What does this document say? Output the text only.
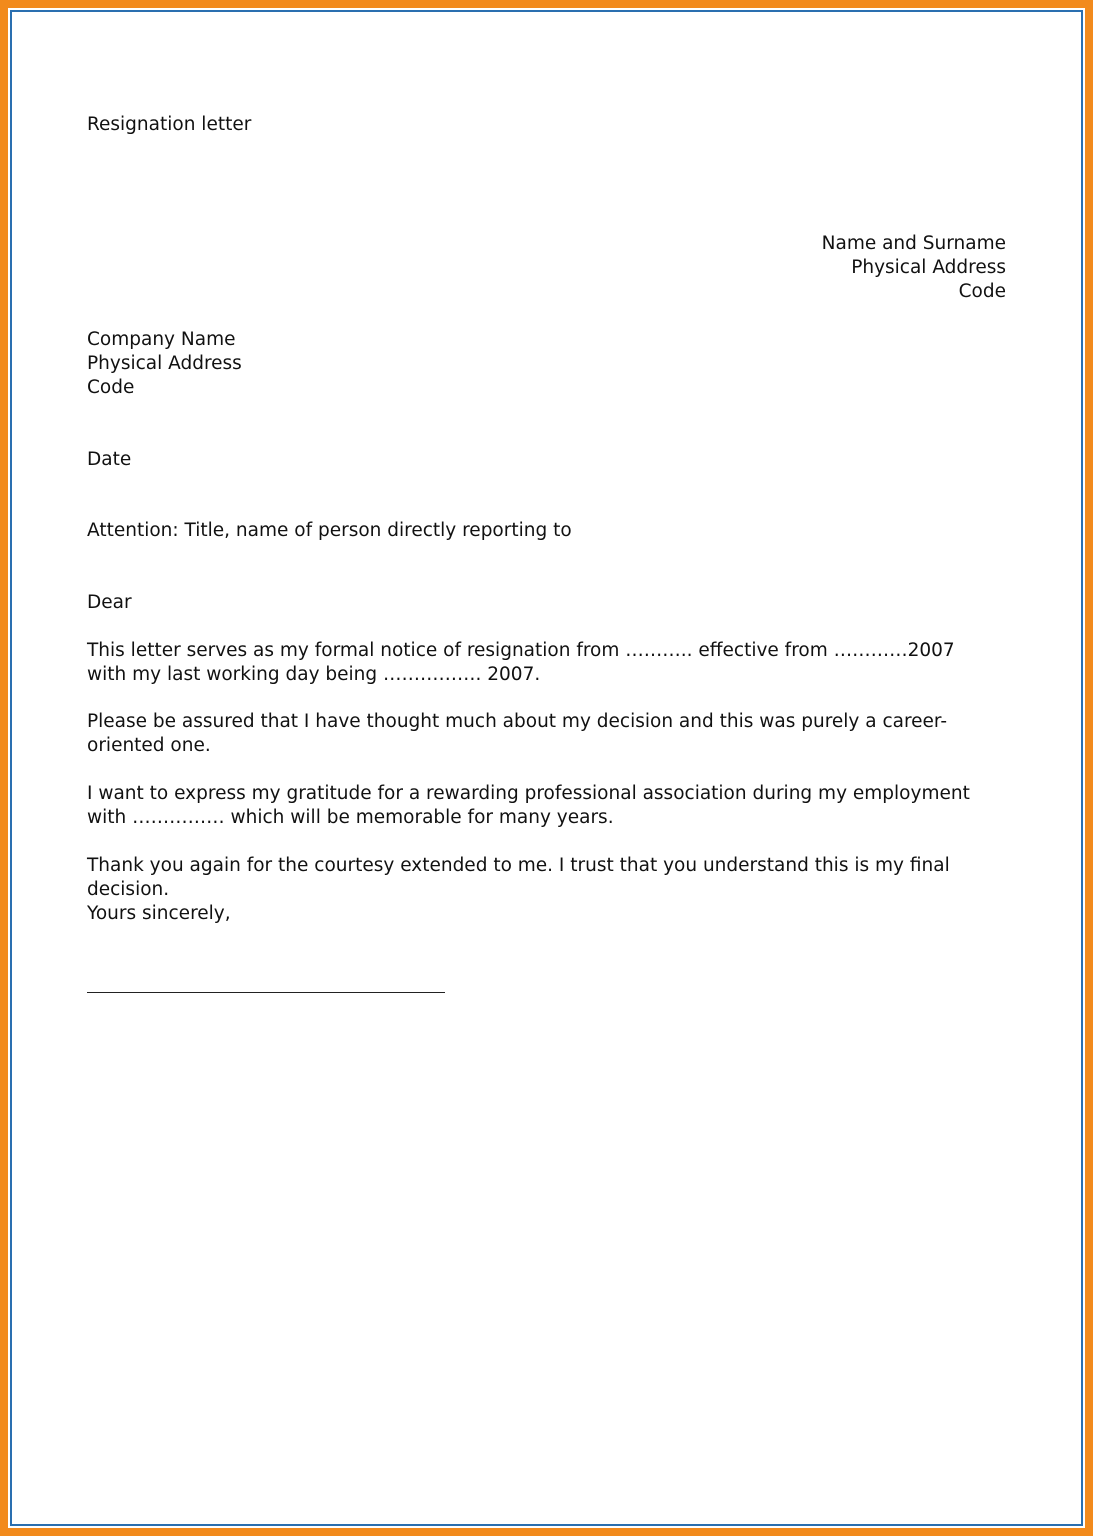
Resignation letter
Name and Surname
Physical Address
Code
Company Name
Physical Address
Code
Date
Attention: Title, name of person directly reporting to
Dear

This letter serves as my formal notice of resignation from ……….. effective from …………2007 with my last working day being ……………. 2007.

Please be assured that I have thought much about my decision and this was purely a career-oriented one.

I want to express my gratitude for a rewarding professional association during my employment with …………… which will be memorable for many years.

Thank you again for the courtesy extended to me. I trust that you understand this is my final decision.

Yours sincerely,
